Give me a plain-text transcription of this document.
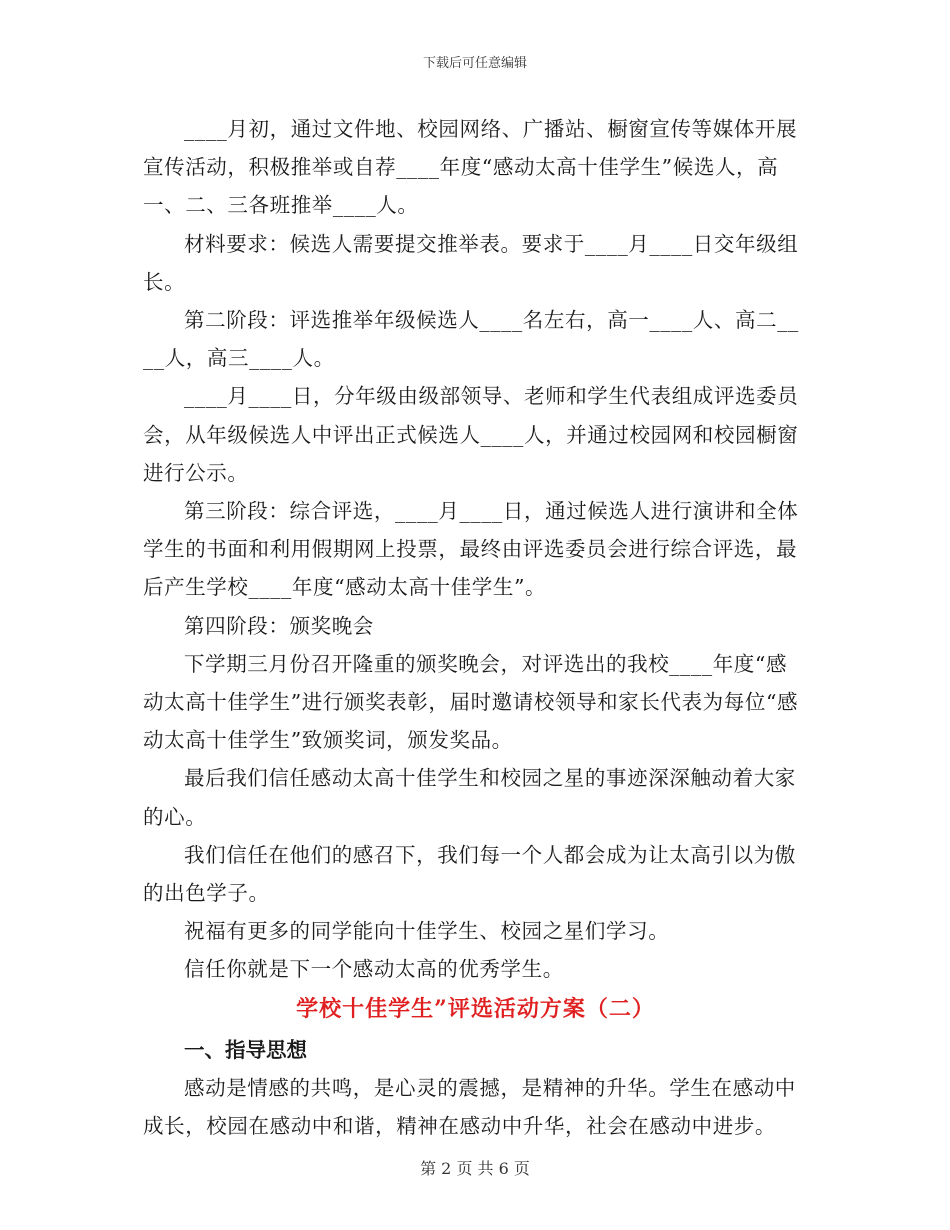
下载后可任意编辑

____月初，通过文件地、校园网络、广播站、橱窗宣传等媒体开展宣传活动，积极推举或自荐____年度“感动太高十佳学生”候选人，高一、二、三各班推举____人。

材料要求：候选人需要提交推举表。要求于____月____日交年级组长。

第二阶段：评选推举年级候选人____名左右，高一____人、高二____人，高三____人。

____月____日，分年级由级部领导、老师和学生代表组成评选委员会，从年级候选人中评出正式候选人____人，并通过校园网和校园橱窗进行公示。

第三阶段：综合评选，____月____日，通过候选人进行演讲和全体学生的书面和利用假期网上投票，最终由评选委员会进行综合评选，最后产生学校____年度“感动太高十佳学生”。

第四阶段：颁奖晚会

下学期三月份召开隆重的颁奖晚会，对评选出的我校____年度“感动太高十佳学生”进行颁奖表彰，届时邀请校领导和家长代表为每位“感动太高十佳学生”致颁奖词，颁发奖品。

最后我们信任感动太高十佳学生和校园之星的事迹深深触动着大家的心。

我们信任在他们的感召下，我们每一个人都会成为让太高引以为傲的出色学子。

祝福有更多的同学能向十佳学生、校园之星们学习。

信任你就是下一个感动太高的优秀学生。

学校十佳学生”评选活动方案（二）
一、指导思想

感动是情感的共鸣，是心灵的震撼，是精神的升华。学生在感动中成长，校园在感动中和谐，精神在感动中升华，社会在感动中进步。

第 2 页 共 6 页
